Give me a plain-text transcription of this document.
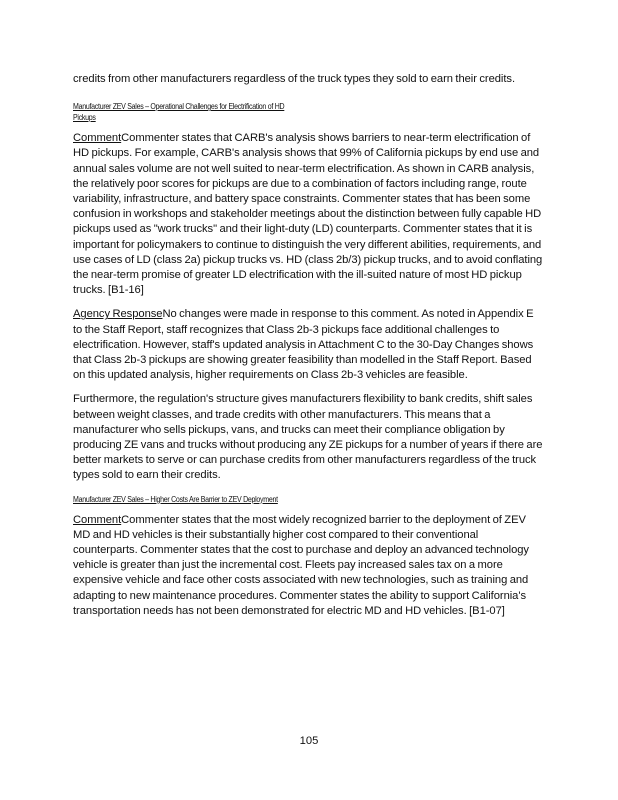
credits from other manufacturers regardless of the truck types they sold to earn their credits.

Manufacturer ZEV Sales – Operational Challenges for Electrification of HD
Pickups

CommentCommenter states that CARB's analysis shows barriers to near-term electrification of HD pickups. For example, CARB's analysis shows that 99% of California pickups by end use and annual sales volume are not well suited to near-term electrification. As shown in CARB analysis, the relatively poor scores for pickups are due to a combination of factors including range, route variability, infrastructure, and battery space constraints. Commenter states that has been some confusion in workshops and stakeholder meetings about the distinction between fully capable HD pickups used as "work trucks" and their light-duty (LD) counterparts. Commenter states that it is important for policymakers to continue to distinguish the very different abilities, requirements, and use cases of LD (class 2a) pickup trucks vs. HD (class 2b/3) pickup trucks, and to avoid conflating the near-term promise of greater LD electrification with the ill-suited nature of most HD pickup trucks. [B1-16]

Agency ResponseNo changes were made in response to this comment. As noted in Appendix E to the Staff Report, staff recognizes that Class 2b-3 pickups face additional challenges to electrification. However, staff's updated analysis in Attachment C to the 30-Day Changes shows that Class 2b-3 pickups are showing greater feasibility than modelled in the Staff Report. Based on this updated analysis, higher requirements on Class 2b-3 vehicles are feasible.

Furthermore, the regulation's structure gives manufacturers flexibility to bank credits, shift sales between weight classes, and trade credits with other manufacturers. This means that a manufacturer who sells pickups, vans, and trucks can meet their compliance obligation by producing ZE vans and trucks without producing any ZE pickups for a number of years if there are better markets to serve or can purchase credits from other manufacturers regardless of the truck types sold to earn their credits.

Manufacturer ZEV Sales – Higher Costs Are Barrier to ZEV Deployment

CommentCommenter states that the most widely recognized barrier to the deployment of ZEV MD and HD vehicles is their substantially higher cost compared to their conventional counterparts. Commenter states that the cost to purchase and deploy an advanced technology vehicle is greater than just the incremental cost. Fleets pay increased sales tax on a more expensive vehicle and face other costs associated with new technologies, such as training and adapting to new maintenance procedures. Commenter states the ability to support California's transportation needs has not been demonstrated for electric MD and HD vehicles. [B1-07]

105
